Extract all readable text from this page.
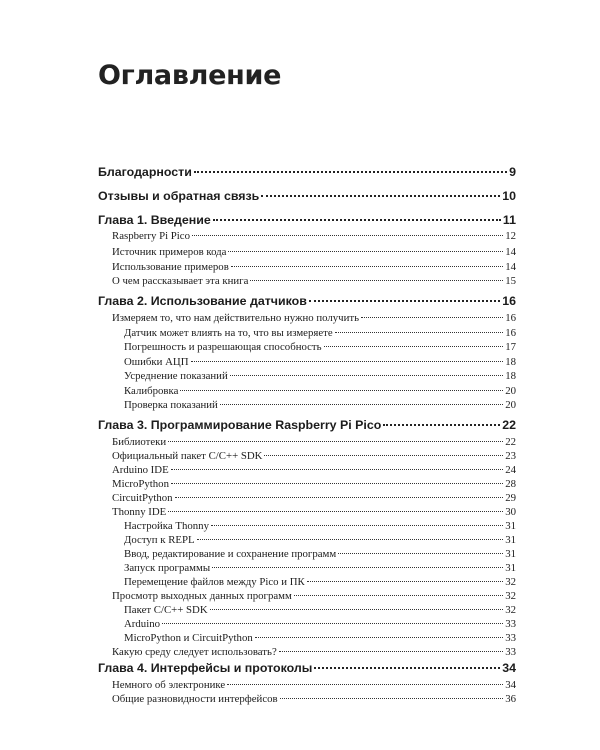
Оглавление
Благодарности	9
Отзывы и обратная связь	10
Глава 1. Введение	11
Raspberry Pi Pico	12
Источник примеров кода	14
Использование примеров	14
О чем рассказывает эта книга	15
Глава 2. Использование датчиков	16
Измеряем то, что нам действительно нужно получить	16
Датчик может влиять на то, что вы измеряете	16
Погрешность и разрешающая способность	17
Ошибки АЦП	18
Усреднение показаний	18
Калибровка	20
Проверка показаний	20
Глава 3. Программирование Raspberry Pi Pico	22
Библиотеки	22
Официальный пакет C/C++ SDK	23
Arduino IDE	24
MicroPython	28
CircuitPython	29
Thonny IDE	30
Настройка Thonny	31
Доступ к REPL	31
Ввод, редактирование и сохранение программ	31
Запуск программы	31
Перемещение файлов между Pico и ПК	32
Просмотр выходных данных программ	32
Пакет C/C++ SDK	32
Arduino	33
MicroPython и CircuitPython	33
Какую среду следует использовать?	33
Глава 4. Интерфейсы и протоколы	34
Немного об электронике	34
Общие разновидности интерфейсов	36
